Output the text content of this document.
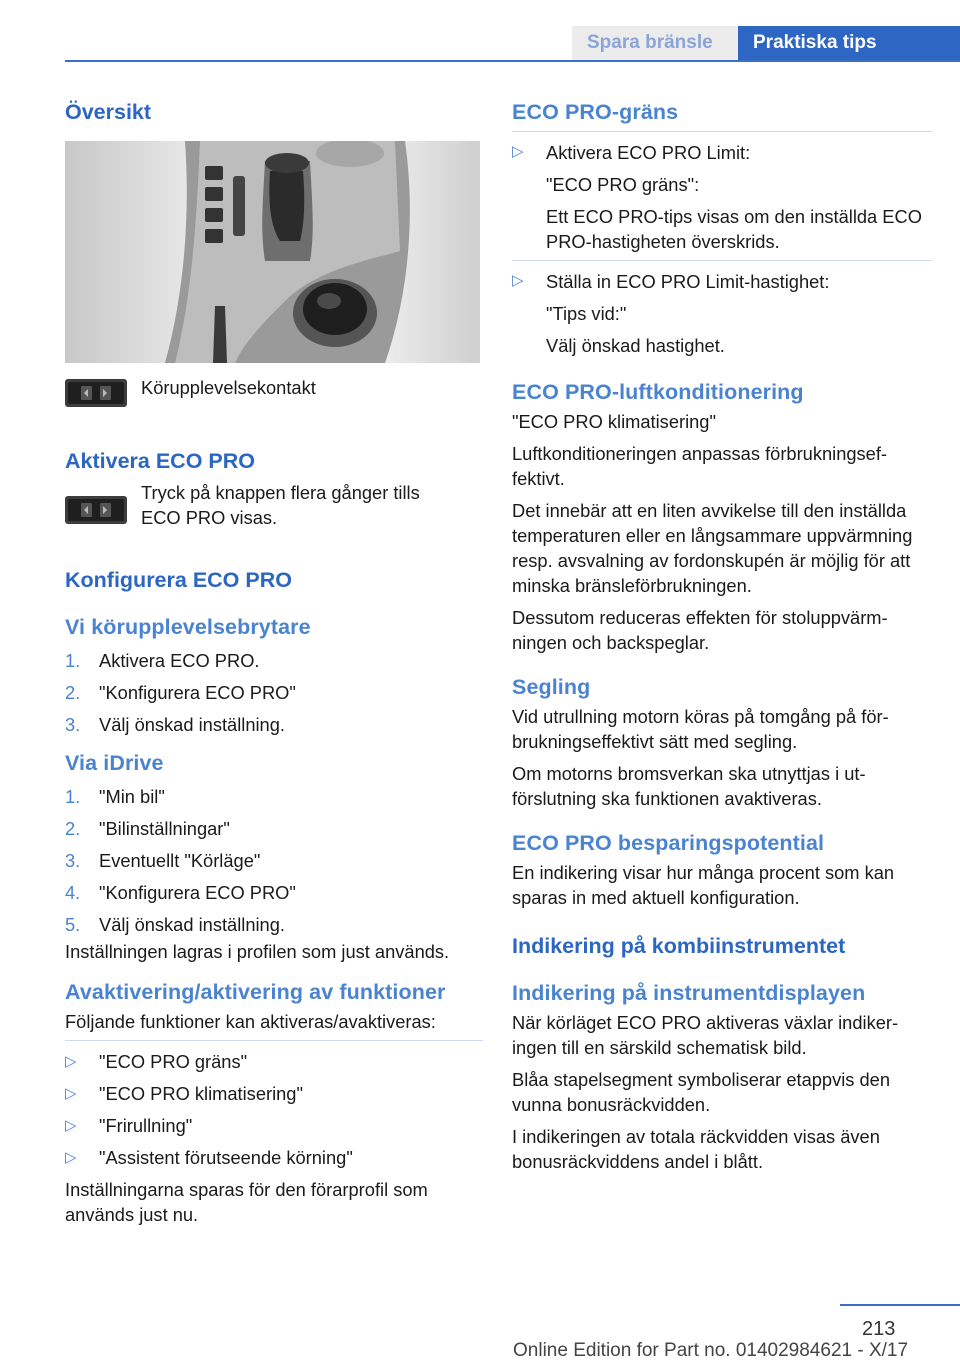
Spara bränsle Praktiska tips
Översikt

Körupplevelsekontakt

Aktivera ECO PRO

Tryck på knappen flera gånger tills ECO PRO visas.

Konfigurera ECO PRO
Vi körupplevelsebrytare
1.	Aktivera ECO PRO.
2.	"Konfigurera ECO PRO"
3.	Välj önskad inställning.
Via iDrive
1.	"Min bil"
2.	"Bilinställningar"
3.	Eventuellt "Körläge"
4.	"Konfigurera ECO PRO"
5.	Välj önskad inställning.

Inställningen lagras i profilen som just används.

Avaktivering/aktivering av funktioner

Följande funktioner kan aktiveras/avaktiveras:

▷	"ECO PRO gräns"
▷	"ECO PRO klimatisering"
▷	"Frirullning"
▷	"Assistent förutseende körning"

Inställningarna sparas för den förarprofil som används just nu.

ECO PRO-gräns
▷	Aktivera ECO PRO Limit:

"ECO PRO gräns":

Ett ECO PRO-tips visas om den inställda ECO PRO-hastigheten överskrids.

▷	Ställa in ECO PRO Limit-hastighet:

"Tips vid:"

Välj önskad hastighet.

ECO PRO-luftkonditionering

"ECO PRO klimatisering"

Luftkonditioneringen anpassas förbrukningseffektivt.

Det innebär att en liten avvikelse till den inställda temperaturen eller en långsammare uppvärmning resp. avsvalning av fordonskupén är möjlig för att minska bränsleförbrukningen.

Dessutom reduceras effekten för stoluppvärmningen och backspeglar.

Segling

Vid utrullning motorn köras på tomgång på förbrukningseffektivt sätt med segling.

Om motorns bromsverkan ska utnyttjas i utförslutning ska funktionen avaktiveras.

ECO PRO besparingspotential

En indikering visar hur många procent som kan sparas in med aktuell konfiguration.

Indikering på kombiinstrumentet
Indikering på instrumentdisplayen

När körläget ECO PRO aktiveras växlar indikeringen till en särskild schematisk bild.

Blåa stapelsegment symboliserar etappvis den vunna bonusräckvidden.

I indikeringen av totala räckvidden visas även bonusräckviddens andel i blått.

213
Online Edition for Part no. 01402984621 - X/17
